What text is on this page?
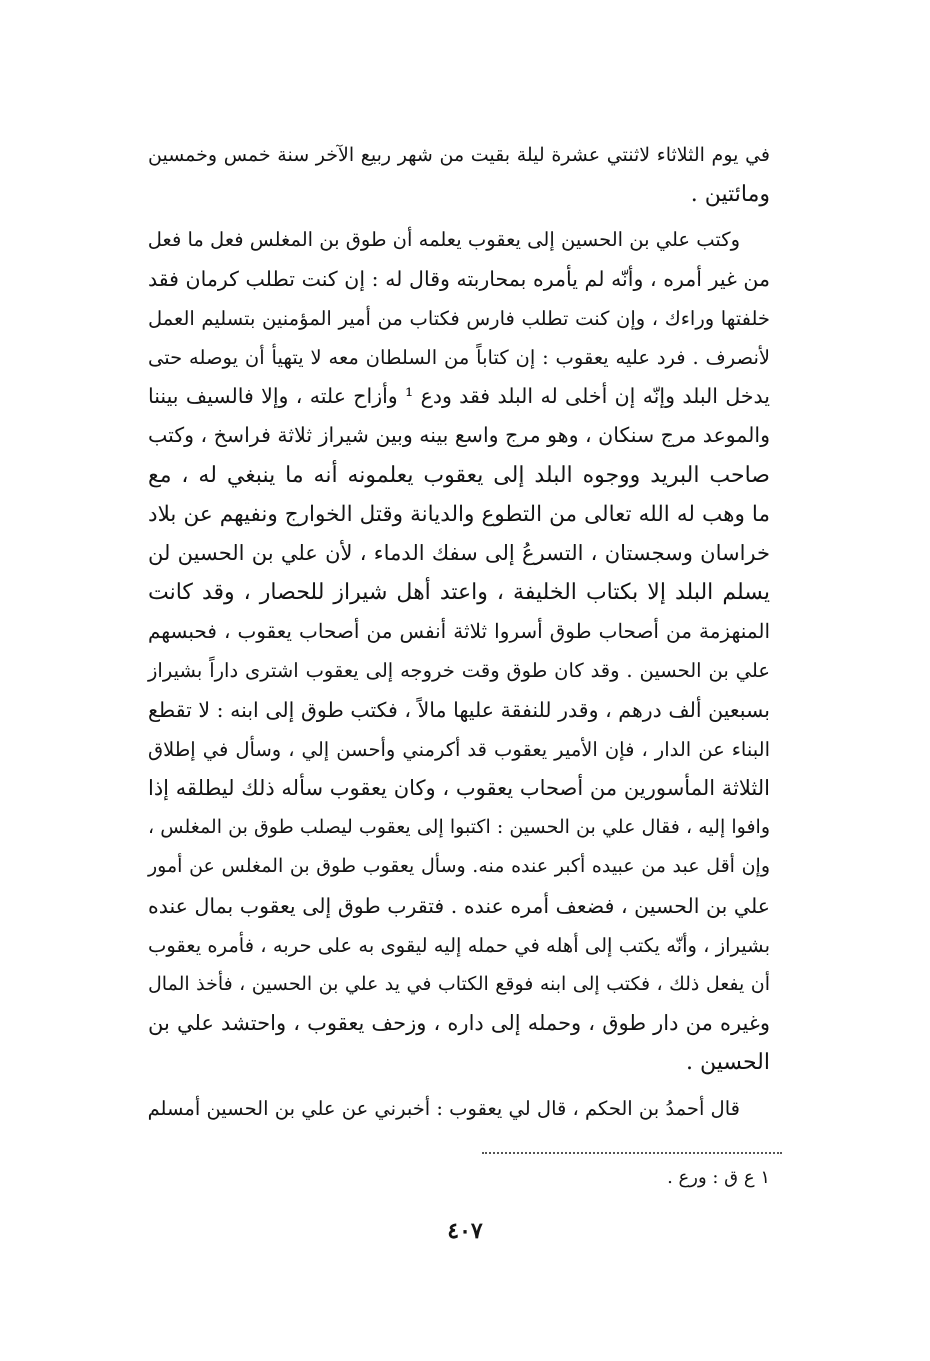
في يوم الثلاثاء لاثنتي عشرة ليلة بقيت من شهر ربيع الآخر سنة خمس وخمسين
ومائتين .
وكتب علي بن الحسين إلى يعقوب يعلمه أن طوق بن المغلس فعل ما فعل
من غير أمره ، وأنّه لم يأمره بمحاربته وقال له : إن كنت تطلب كرمان فقد
خلفتها وراءك ، وإن كنت تطلب فارس فكتاب من أمير المؤمنين بتسليم العمل
لأنصرف . فرد عليه يعقوب : إن كتاباً من السلطان معه لا يتهيأ أن يوصله حتى
يدخل البلد وإنّه إن أخلى له البلد فقد ودع ¹ وأزاح علته ، وإلا فالسيف بيننا
والموعد مرج سنكان ، وهو مرج واسع بينه وبين شيراز ثلاثة فراسخ ، وكتب
صاحب البريد ووجوه البلد إلى يعقوب يعلمونه أنه ما ينبغي له ، مع
ما وهب له الله تعالى من التطوع والديانة وقتل الخوارج ونفيهم عن بلاد
خراسان وسجستان ، التسرعُ إلى سفك الدماء ، لأن علي بن الحسين لن
يسلم البلد إلا بكتاب الخليفة ، واعتد أهل شيراز للحصار ، وقد كانت
المنهزمة من أصحاب طوق أسروا ثلاثة أنفس من أصحاب يعقوب ، فحبسهم
علي بن الحسين . وقد كان طوق وقت خروجه إلى يعقوب اشترى داراً بشيراز
بسبعين ألف درهم ، وقدر للنفقة عليها مالاً ، فكتب طوق إلى ابنه : لا تقطع
البناء عن الدار ، فإن الأمير يعقوب قد أكرمني وأحسن إلي ، وسأل في إطلاق
الثلاثة المأسورين من أصحاب يعقوب ، وكان يعقوب سأله ذلك ليطلقه إذا
وافوا إليه ، فقال علي بن الحسين : اكتبوا إلى يعقوب ليصلب طوق بن المغلس ،
وإن أقل عبد من عبيده أكبر عنده منه. وسأل يعقوب طوق بن المغلس عن أمور
علي بن الحسين ، فضعف أمره عنده . فتقرب طوق إلى يعقوب بمال عنده
بشيراز ، وأنّه يكتب إلى أهله في حمله إليه ليقوى به على حربه ، فأمره يعقوب
أن يفعل ذلك ، فكتب إلى ابنه فوقع الكتاب في يد علي بن الحسين ، فأخذ المال
وغيره من دار طوق ، وحمله إلى داره ، وزحف يعقوب ، واحتشد علي بن
الحسين .
قال أحمدُ بن الحكم ، قال لي يعقوب : أخبرني عن علي بن الحسين أمسلم
١ ع ق : ورع .
٤٠٧
